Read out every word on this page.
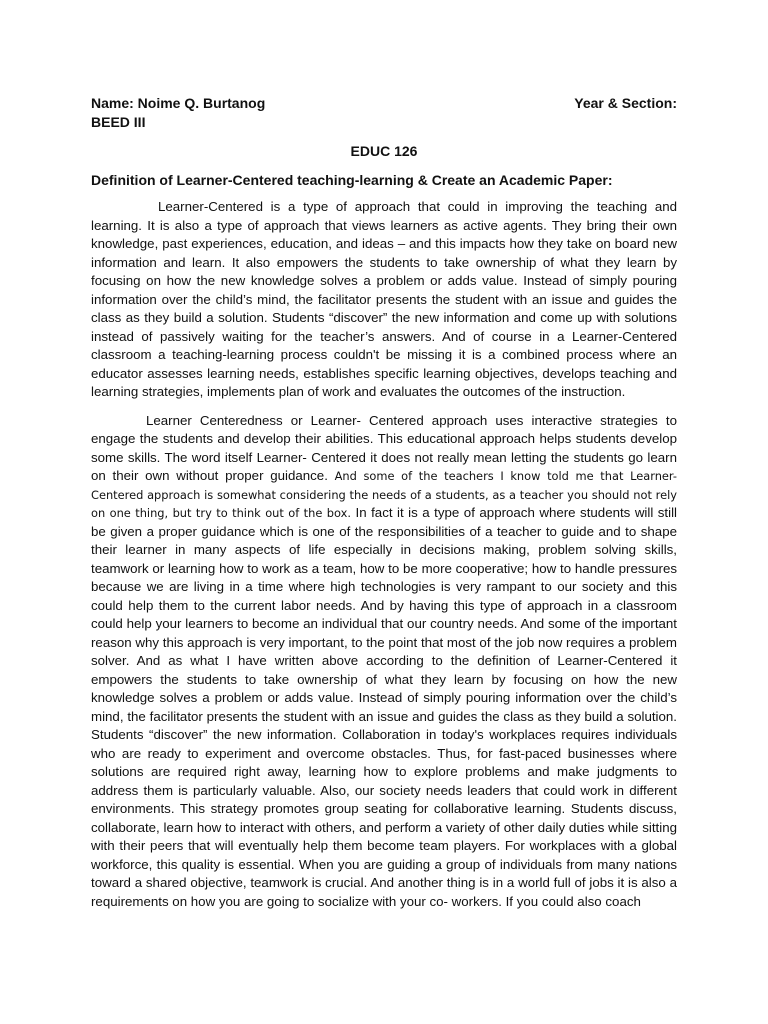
Name: Noime Q. Burtanog	Year & Section:
BEED III
EDUC 126
Definition of Learner-Centered teaching-learning & Create an Academic Paper:

Learner-Centered is a type of approach that could in improving the teaching and learning. It is also a type of approach that views learners as active agents. They bring their own knowledge, past experiences, education, and ideas – and this impacts how they take on board new information and learn. It also empowers the students to take ownership of what they learn by focusing on how the new knowledge solves a problem or adds value. Instead of simply pouring information over the child’s mind, the facilitator presents the student with an issue and guides the class as they build a solution. Students “discover” the new information and come up with solutions instead of passively waiting for the teacher’s answers. And of course in a Learner-Centered classroom a teaching-learning process couldn't be missing it is a combined process where an educator assesses learning needs, establishes specific learning objectives, develops teaching and learning strategies, implements plan of work and evaluates the outcomes of the instruction.

Learner Centeredness or Learner- Centered approach uses interactive strategies to engage the students and develop their abilities. This educational approach helps students develop some skills. The word itself Learner- Centered it does not really mean letting the students go learn on their own without proper guidance. And some of the teachers I know told me that Learner-Centered approach is somewhat considering the needs of a students, as a teacher you should not rely on one thing, but try to think out of the box. In fact it is a type of approach where students will still be given a proper guidance which is one of the responsibilities of a teacher to guide and to shape their learner in many aspects of life especially in decisions making, problem solving skills, teamwork or learning how to work as a team, how to be more cooperative; how to handle pressures because we are living in a time where high technologies is very rampant to our society and this could help them to the current labor needs. And by having this type of approach in a classroom could help your learners to become an individual that our country needs. And some of the important reason why this approach is very important, to the point that most of the job now requires a problem solver. And as what I have written above according to the definition of Learner-Centered it empowers the students to take ownership of what they learn by focusing on how the new knowledge solves a problem or adds value. Instead of simply pouring information over the child’s mind, the facilitator presents the student with an issue and guides the class as they build a solution. Students “discover” the new information. Collaboration in today's workplaces requires individuals who are ready to experiment and overcome obstacles. Thus, for fast-paced businesses where solutions are required right away, learning how to explore problems and make judgments to address them is particularly valuable. Also, our society needs leaders that could work in different environments. This strategy promotes group seating for collaborative learning. Students discuss, collaborate, learn how to interact with others, and perform a variety of other daily duties while sitting with their peers that will eventually help them become team players. For workplaces with a global workforce, this quality is essential. When you are guiding a group of individuals from many nations toward a shared objective, teamwork is crucial. And another thing is in a world full of jobs it is also a requirements on how you are going to socialize with your co- workers. If you could also coach
